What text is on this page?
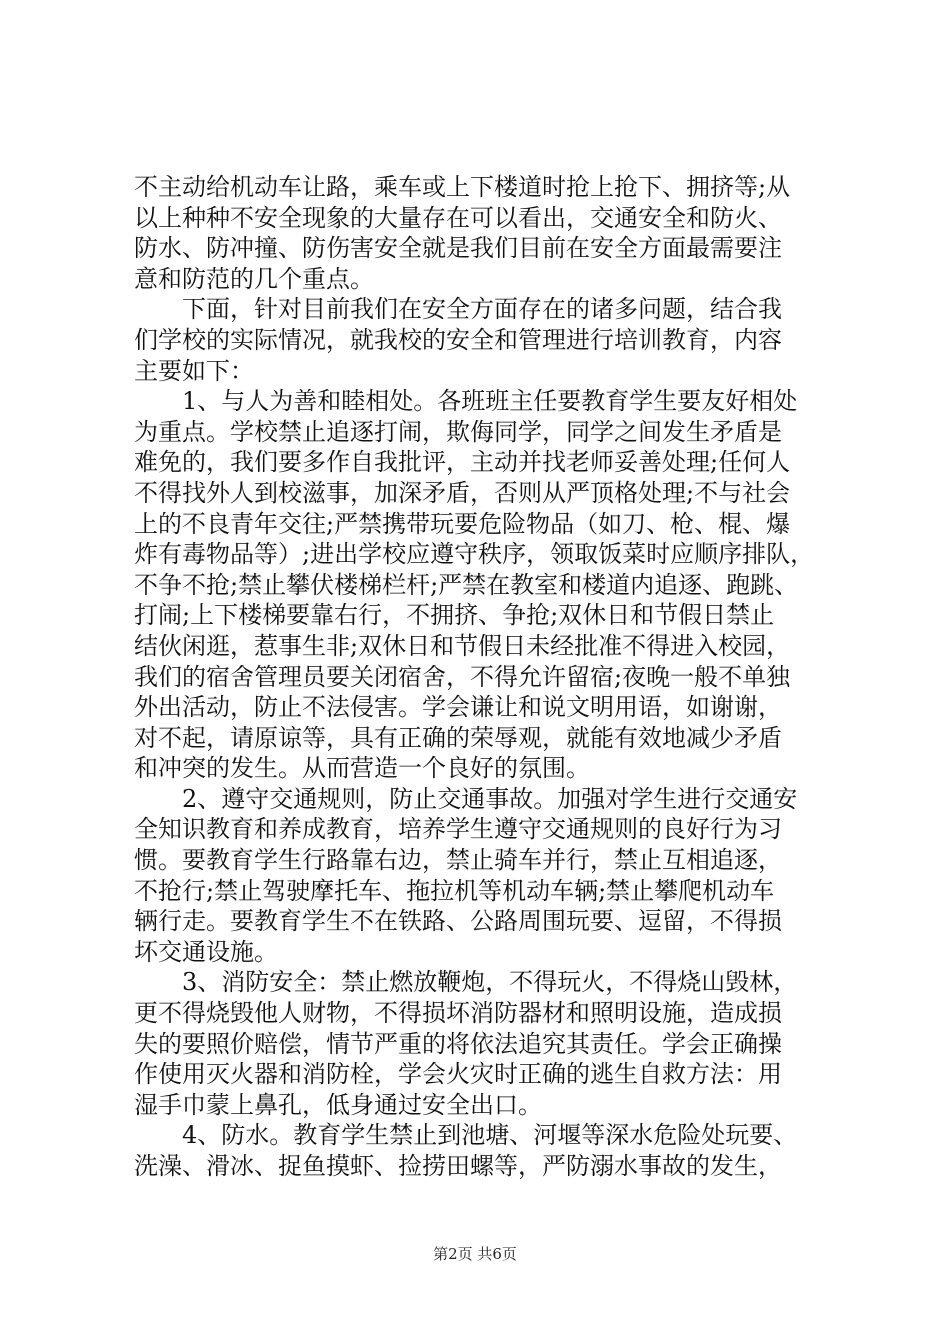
不主动给机动车让路，乘车或上下楼道时抢上抢下、拥挤等;从
以上种种不安全现象的大量存在可以看出，交通安全和防火、
防水、防冲撞、防伤害安全就是我们目前在安全方面最需要注
意和防范的几个重点。
　　下面，针对目前我们在安全方面存在的诸多问题，结合我
们学校的实际情况，就我校的安全和管理进行培训教育，内容
主要如下：
　　1、与人为善和睦相处。各班班主任要教育学生要友好相处
为重点。学校禁止追逐打闹，欺侮同学，同学之间发生矛盾是
难免的，我们要多作自我批评，主动并找老师妥善处理;任何人
不得找外人到校滋事，加深矛盾，否则从严顶格处理;不与社会
上的不良青年交往;严禁携带玩要危险物品（如刀、枪、棍、爆
炸有毒物品等）;进出学校应遵守秩序，领取饭菜时应顺序排队，
不争不抢;禁止攀伏楼梯栏杆;严禁在教室和楼道内追逐、跑跳、
打闹;上下楼梯要靠右行，不拥挤、争抢;双休日和节假日禁止
结伙闲逛，惹事生非;双休日和节假日未经批准不得进入校园，
我们的宿舍管理员要关闭宿舍，不得允许留宿;夜晚一般不单独
外出活动，防止不法侵害。学会谦让和说文明用语，如谢谢，
对不起，请原谅等，具有正确的荣辱观，就能有效地减少矛盾
和冲突的发生。从而营造一个良好的氛围。
　　2、遵守交通规则，防止交通事故。加强对学生进行交通安
全知识教育和养成教育，培养学生遵守交通规则的良好行为习
惯。要教育学生行路靠右边，禁止骑车并行，禁止互相追逐，
不抢行;禁止驾驶摩托车、拖拉机等机动车辆;禁止攀爬机动车
辆行走。要教育学生不在铁路、公路周围玩要、逗留，不得损
坏交通设施。
　　3、消防安全：禁止燃放鞭炮，不得玩火，不得烧山毁林，
更不得烧毁他人财物，不得损坏消防器材和照明设施，造成损
失的要照价赔偿，情节严重的将依法追究其责任。学会正确操
作使用灭火器和消防栓，学会火灾时正确的逃生自救方法：用
湿手巾蒙上鼻孔，低身通过安全出口。
　　4、防水。教育学生禁止到池塘、河堰等深水危险处玩要、
洗澡、滑冰、捉鱼摸虾、捡捞田螺等，严防溺水事故的发生，
第2页 共6页
